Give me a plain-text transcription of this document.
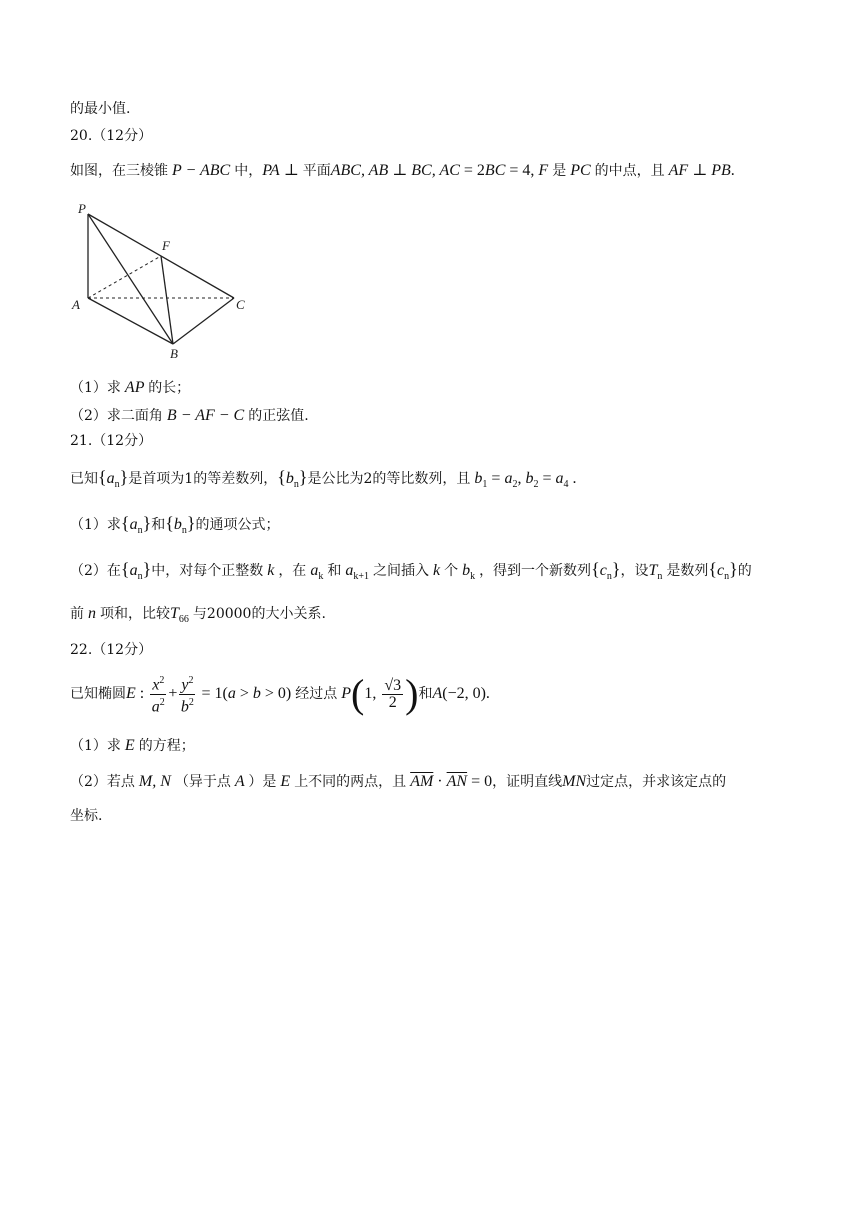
的最小值.
20.（12分）
如图，在三棱锥 P − ABC 中，PA ⊥ 平面ABC, AB ⊥ BC, AC = 2BC = 4, F 是 PC 的中点，且 AF ⊥ PB.
P
F
A	C
B
（1）求 AP 的长；
（2）求二面角 B − AF − C 的正弦值.
21.（12分）
已知$\{a_n\}$是首项为1的等差数列，$\{b_n\}$是公比为2的等比数列，且 $b_1 = a_2$, $b_2 = a_4$ .
（1）求$\{a_n\}$和$\{b_n\}$的通项公式；
（2）在$\{a_n\}$中，对每个正整数 k ，在 $a_k$ 和 $a_{k+1}$ 之间插入 k 个 $b_k$ ，得到一个新数列$\{c_n\}$，设$T_n$ 是数列$\{c_n\}$的
前 n 项和，比较$T_{66}$ 与20000的大小关系.
22.（12分）
已知椭圆E : $\frac{x^2}{a^2} + \frac{y^2}{b^2} = 1(a > b > 0)$ 经过点 P(1, $\frac{√3}{2}$ )和A(−2, 0).
（1）求 E 的方程；
（2）若点 M, N （异于点 A ）是 E 上不同的两点，且 $\overline{AM} \cdot \overline{AN} = 0$，证明直线MN过定点，并求该定点的
坐标.
